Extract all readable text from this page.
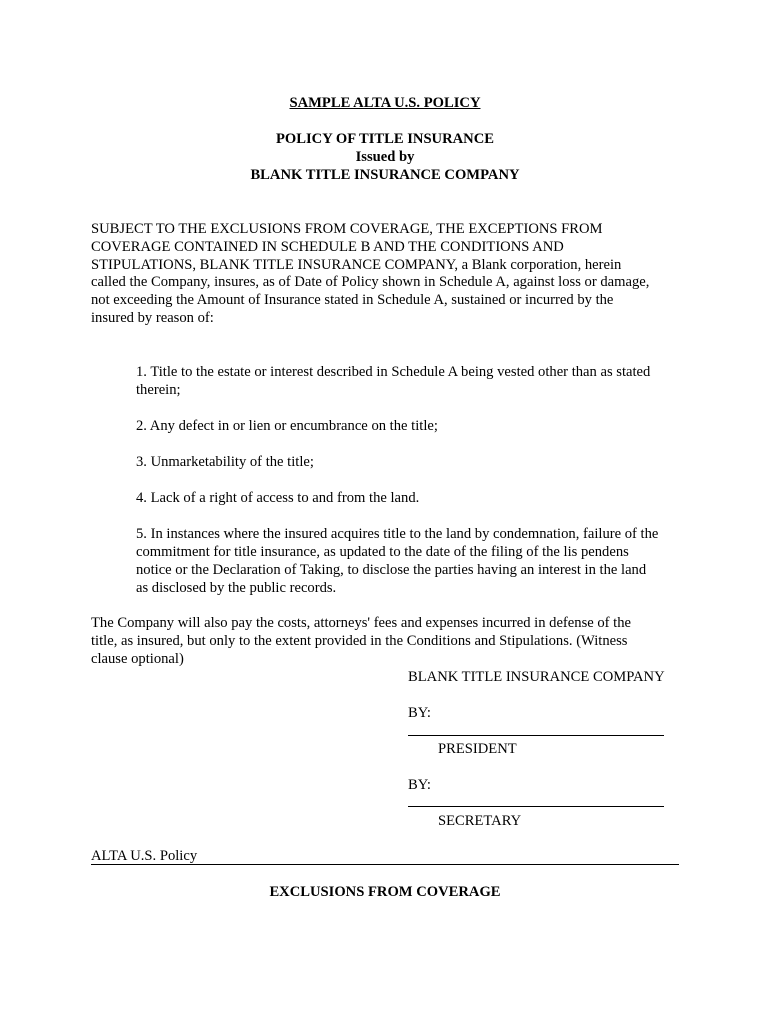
SAMPLE ALTA U.S. POLICY
POLICY OF TITLE INSURANCE
Issued by
BLANK TITLE INSURANCE COMPANY
SUBJECT TO THE EXCLUSIONS FROM COVERAGE, THE EXCEPTIONS FROM
COVERAGE CONTAINED IN SCHEDULE B AND THE CONDITIONS AND
STIPULATIONS, BLANK TITLE INSURANCE COMPANY, a Blank corporation, herein
called the Company, insures, as of Date of Policy shown in Schedule A, against loss or damage,
not exceeding the Amount of Insurance stated in Schedule A, sustained or incurred by the
insured by reason of:
1. Title to the estate or interest described in Schedule A being vested other than as stated
therein;
2. Any defect in or lien or encumbrance on the title;
3. Unmarketability of the title;
4. Lack of a right of access to and from the land.
5. In instances where the insured acquires title to the land by condemnation, failure of the
commitment for title insurance, as updated to the date of the filing of the lis pendens
notice or the Declaration of Taking, to disclose the parties having an interest in the land
as disclosed by the public records.
The Company will also pay the costs, attorneys' fees and expenses incurred in defense of the
title, as insured, but only to the extent provided in the Conditions and Stipulations. (Witness
clause optional)
BLANK TITLE INSURANCE COMPANY
BY:
PRESIDENT
BY:
SECRETARY
ALTA U.S. Policy
EXCLUSIONS FROM COVERAGE
